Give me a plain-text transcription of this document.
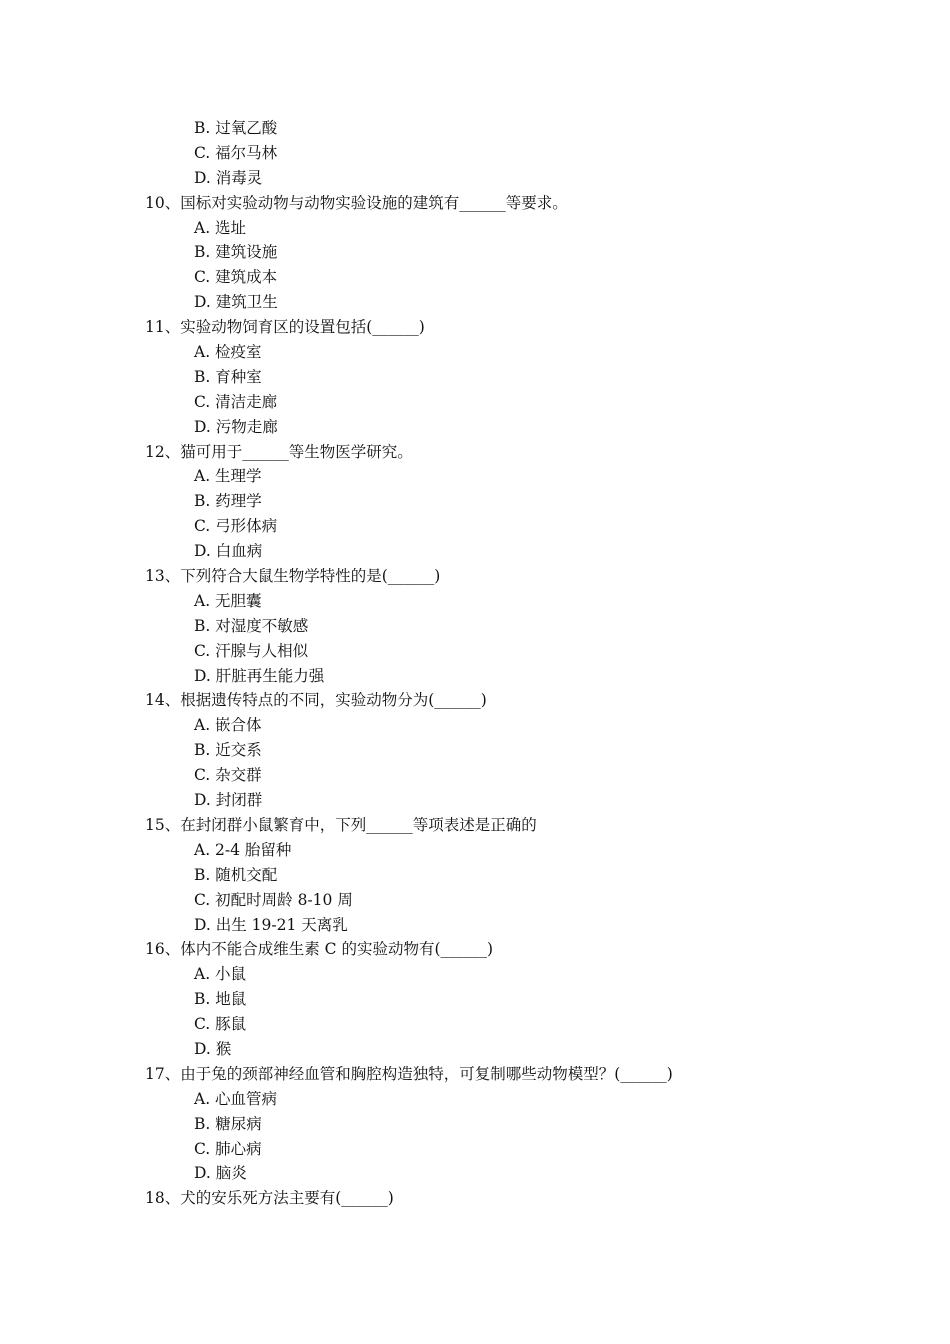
B. 过氧乙酸
C. 福尔马林
D. 消毒灵
10、国标对实验动物与动物实验设施的建筑有______等要求。
A. 选址
B. 建筑设施
C. 建筑成本
D. 建筑卫生
11、实验动物饲育区的设置包括(______)
A. 检疫室
B. 育种室
C. 清洁走廊
D. 污物走廊
12、猫可用于______等生物医学研究。
A. 生理学
B. 药理学
C. 弓形体病
D. 白血病
13、下列符合大鼠生物学特性的是(______)
A. 无胆囊
B. 对湿度不敏感
C. 汗腺与人相似
D. 肝脏再生能力强
14、根据遗传特点的不同，实验动物分为(______)
A. 嵌合体
B. 近交系
C. 杂交群
D. 封闭群
15、在封闭群小鼠繁育中，下列______等项表述是正确的
A. 2-4 胎留种
B. 随机交配
C. 初配时周龄 8-10 周
D. 出生 19-21 天离乳
16、体内不能合成维生素 C 的实验动物有(______)
A. 小鼠
B. 地鼠
C. 豚鼠
D. 猴
17、由于兔的颈部神经血管和胸腔构造独特，可复制哪些动物模型？(______)
A. 心血管病
B. 糖尿病
C. 肺心病
D. 脑炎
18、犬的安乐死方法主要有(______)
